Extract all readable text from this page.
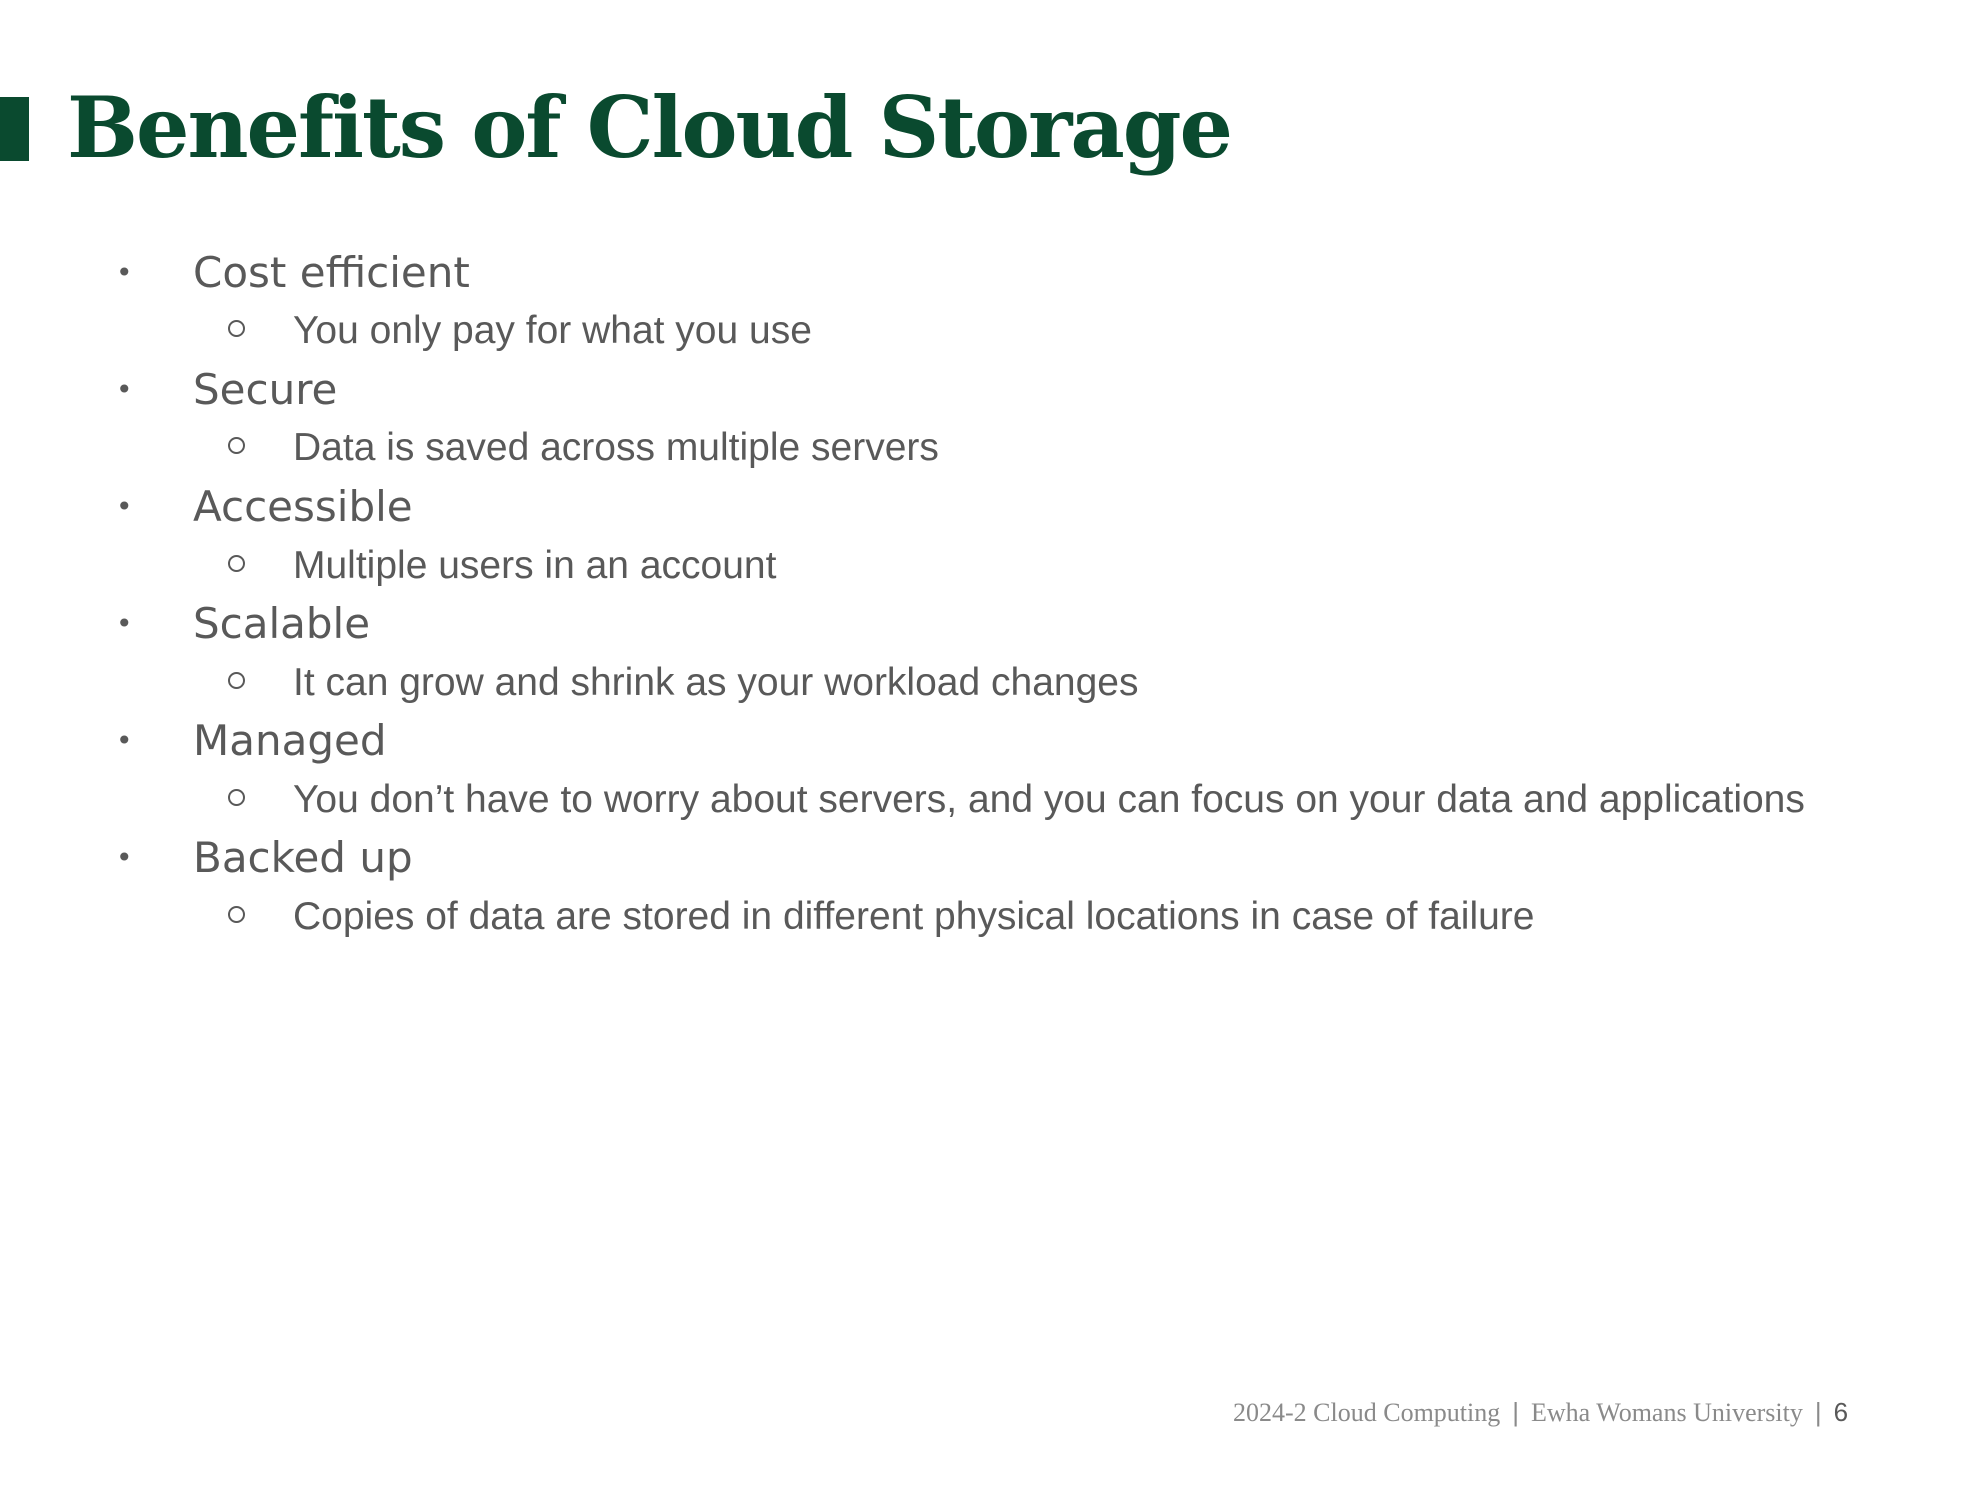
Benefits of Cloud Storage
• Cost efficient
You only pay for what you use
• Secure
Data is saved across multiple servers
• Accessible
Multiple users in an account
• Scalable
It can grow and shrink as your workload changes
• Managed
You don’t have to worry about servers, and you can focus on your data and applications
• Backed up
Copies of data are stored in different physical locations in case of failure
2024-2 Cloud Computing | Ewha Womans University | 6
